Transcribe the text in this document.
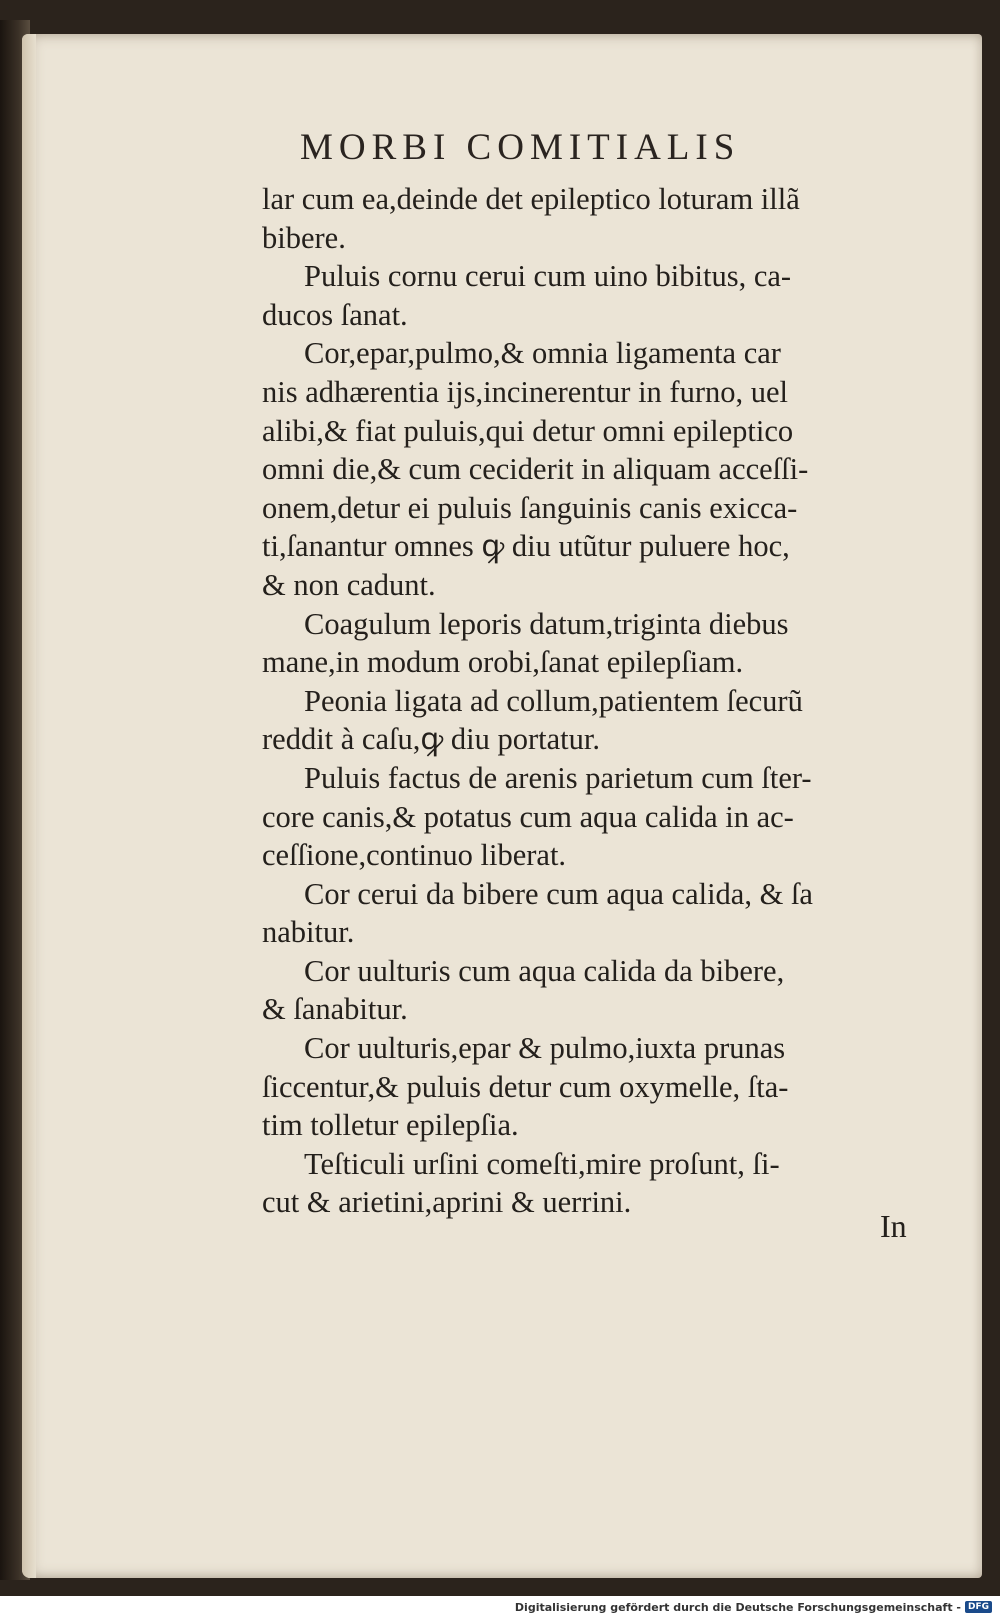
MORBI COMITIALIS
lar cum ea,deinde det epileptico loturam illã
bibere.
Puluis cornu cerui cum uino bibitus, ca-
ducos ſanat.
Cor,epar,pulmo,& omnia ligamenta car
nis adhærentia ijs,incinerentur in furno, uel
alibi,& fiat puluis,qui detur omni epileptico
omni die,& cum ceciderit in aliquam acceſſi-
onem,detur ei puluis ſanguinis canis exicca-
ti,ſanantur omnes ꝙ diu utũtur puluere hoc,
& non cadunt.
Coagulum leporis datum,triginta diebus
mane,in modum orobi,ſanat epilepſiam.
Peonia ligata ad collum,patientem ſecurũ
reddit à caſu,ꝙ diu portatur.
Puluis factus de arenis parietum cum ſter-
core canis,& potatus cum aqua calida in ac-
ceſſione,continuo liberat.
Cor cerui da bibere cum aqua calida, & ſa
nabitur.
Cor uulturis cum aqua calida da bibere,
& ſanabitur.
Cor uulturis,epar & pulmo,iuxta prunas
ſiccentur,& puluis detur cum oxymelle, ſta-
tim tolletur epilepſia.
Teſticuli urſini comeſti,mire proſunt, ſi-
cut & arietini,aprini & uerrini.
In
Digitalisierung gefördert durch die Deutsche Forschungsgemeinschaft - DFG
